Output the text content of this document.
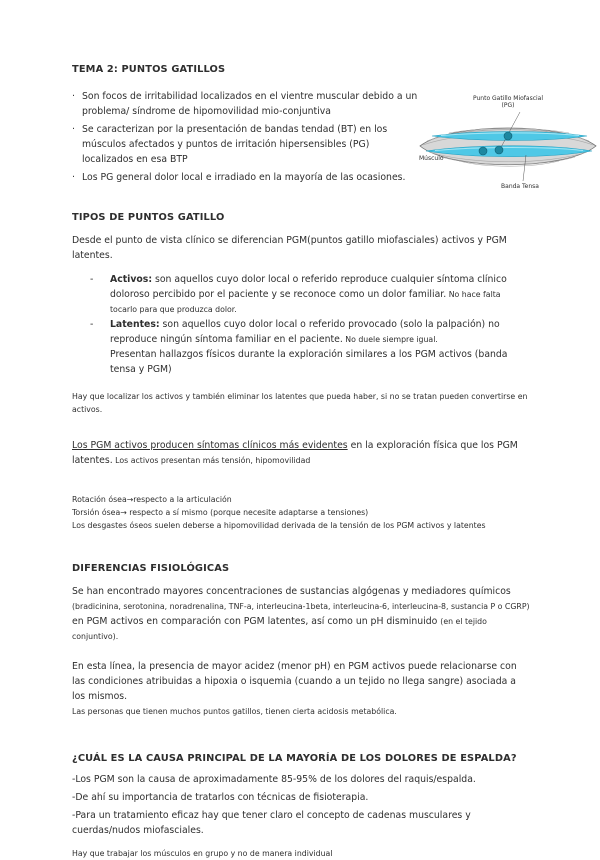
Punto Gatillo Miofascial
(PG)
Músculo
Banda Tensa
TEMA 2: PUNTOS GATILLOS
· Son focos de irritabilidad localizados en el vientre muscular debido a un problema/ síndrome de hipomovilidad mio-conjuntiva
· Se caracterizan por la presentación de bandas tendad (BT) en los músculos afectados y puntos de irritación hipersensibles (PG) localizados en esa BTP
· Los PG general dolor local e irradiado en la mayoría de las ocasiones.
TIPOS DE PUNTOS GATILLO
Desde el punto de vista clínico se diferencian PGM(puntos gatillo miofasciales) activos y PGM latentes.
- Activos: son aquellos cuyo dolor local o referido reproduce cualquier síntoma clínico doloroso percibido por el paciente y se reconoce como un dolor familiar. No hace falta tocarlo para que produzca dolor.
- Latentes: son aquellos cuyo dolor local o referido provocado (solo la palpación) no reproduce ningún síntoma familiar en el paciente. No duele siempre igual.
Presentan hallazgos físicos durante la exploración similares a los PGM activos (banda tensa y PGM)
Hay que localizar los activos y también eliminar los latentes que pueda haber, si no se tratan pueden convertirse en activos.
Los PGM activos producen síntomas clínicos más evidentes en la exploración física que los PGM latentes. Los activos presentan más tensión, hipomovilidad
Rotación ósea→respecto a la articulación
Torsión ósea→ respecto a sí mismo (porque necesite adaptarse a tensiones)
Los desgastes óseos suelen deberse a hipomovilidad derivada de la tensión de los PGM activos y latentes
DIFERENCIAS FISIOLÓGICAS
Se han encontrado mayores concentraciones de sustancias algógenas y mediadores químicos (bradicinina, serotonina, noradrenalina, TNF-a, interleucina-1beta, interleucina-6, interleucina-8, sustancia P o CGRP) en PGM activos en comparación con PGM latentes, así como un pH disminuido (en el tejido conjuntivo).
En esta línea, la presencia de mayor acidez (menor pH) en PGM activos puede relacionarse con las condiciones atribuidas a hipoxia o isquemia (cuando a un tejido no llega sangre) asociada a los mismos.
Las personas que tienen muchos puntos gatillos, tienen cierta acidosis metabólica.
¿CUÁL ES LA CAUSA PRINCIPAL DE LA MAYORÍA DE LOS DOLORES DE ESPALDA?
-Los PGM son la causa de aproximadamente 85-95% de los dolores del raquis/espalda.
-De ahí su importancia de tratarlos con técnicas de fisioterapia.
-Para un tratamiento eficaz hay que tener claro el concepto de cadenas musculares y cuerdas/nudos miofasciales.
Hay que trabajar los músculos en grupo y no de manera individual
